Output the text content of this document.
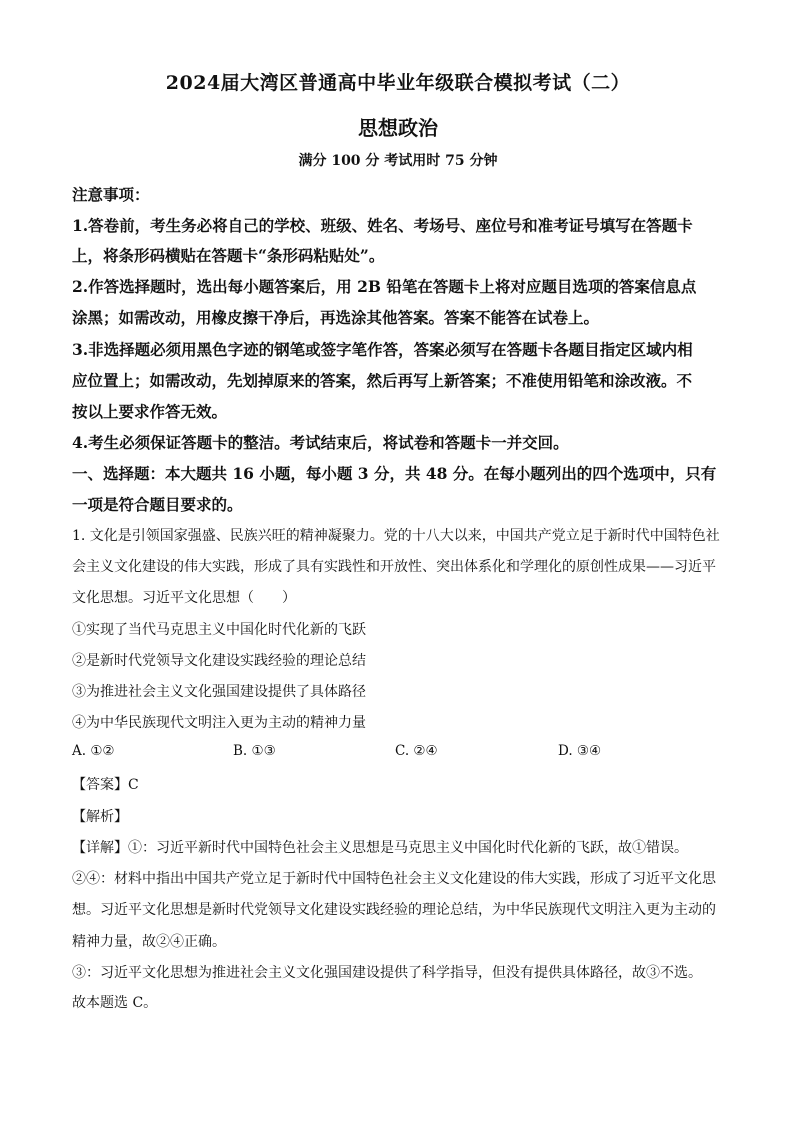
2024届大湾区普通高中毕业年级联合模拟考试（二）
思想政治
满分 100 分 考试用时 75 分钟
注意事项：
1.答卷前，考生务必将自己的学校、班级、姓名、考场号、座位号和准考证号填写在答题卡
上，将条形码横贴在答题卡“条形码粘贴处”。
2.作答选择题时，选出每小题答案后，用 2B 铅笔在答题卡上将对应题目选项的答案信息点
涂黑；如需改动，用橡皮擦干净后，再选涂其他答案。答案不能答在试卷上。
3.非选择题必须用黑色字迹的钢笔或签字笔作答，答案必须写在答题卡各题目指定区域内相
应位置上；如需改动，先划掉原来的答案，然后再写上新答案；不准使用铅笔和涂改液。不
按以上要求作答无效。
4.考生必须保证答题卡的整洁。考试结束后，将试卷和答题卡一并交回。
一、选择题：本大题共 16 小题，每小题 3 分，共 48 分。在每小题列出的四个选项中，只有
一项是符合题目要求的。
1. 文化是引领国家强盛、民族兴旺的精神凝聚力。党的十八大以来，中国共产党立足于新时代中国特色社
会主义文化建设的伟大实践，形成了具有实践性和开放性、突出体系化和学理化的原创性成果——习近平
文化思想。习近平文化思想（　　）
①实现了当代马克思主义中国化时代化新的飞跃
②是新时代党领导文化建设实践经验的理论总结
③为推进社会主义文化强国建设提供了具体路径
④为中华民族现代文明注入更为主动的精神力量
A. ①②	B. ①③	C. ②④	D. ③④
【答案】C
【解析】
【详解】①：习近平新时代中国特色社会主义思想是马克思主义中国化时代化新的飞跃，故①错误。
②④：材料中指出中国共产党立足于新时代中国特色社会主义文化建设的伟大实践，形成了习近平文化思
想。习近平文化思想是新时代党领导文化建设实践经验的理论总结，为中华民族现代文明注入更为主动的
精神力量，故②④正确。
③：习近平文化思想为推进社会主义文化强国建设提供了科学指导，但没有提供具体路径，故③不选。
故本题选 C。
